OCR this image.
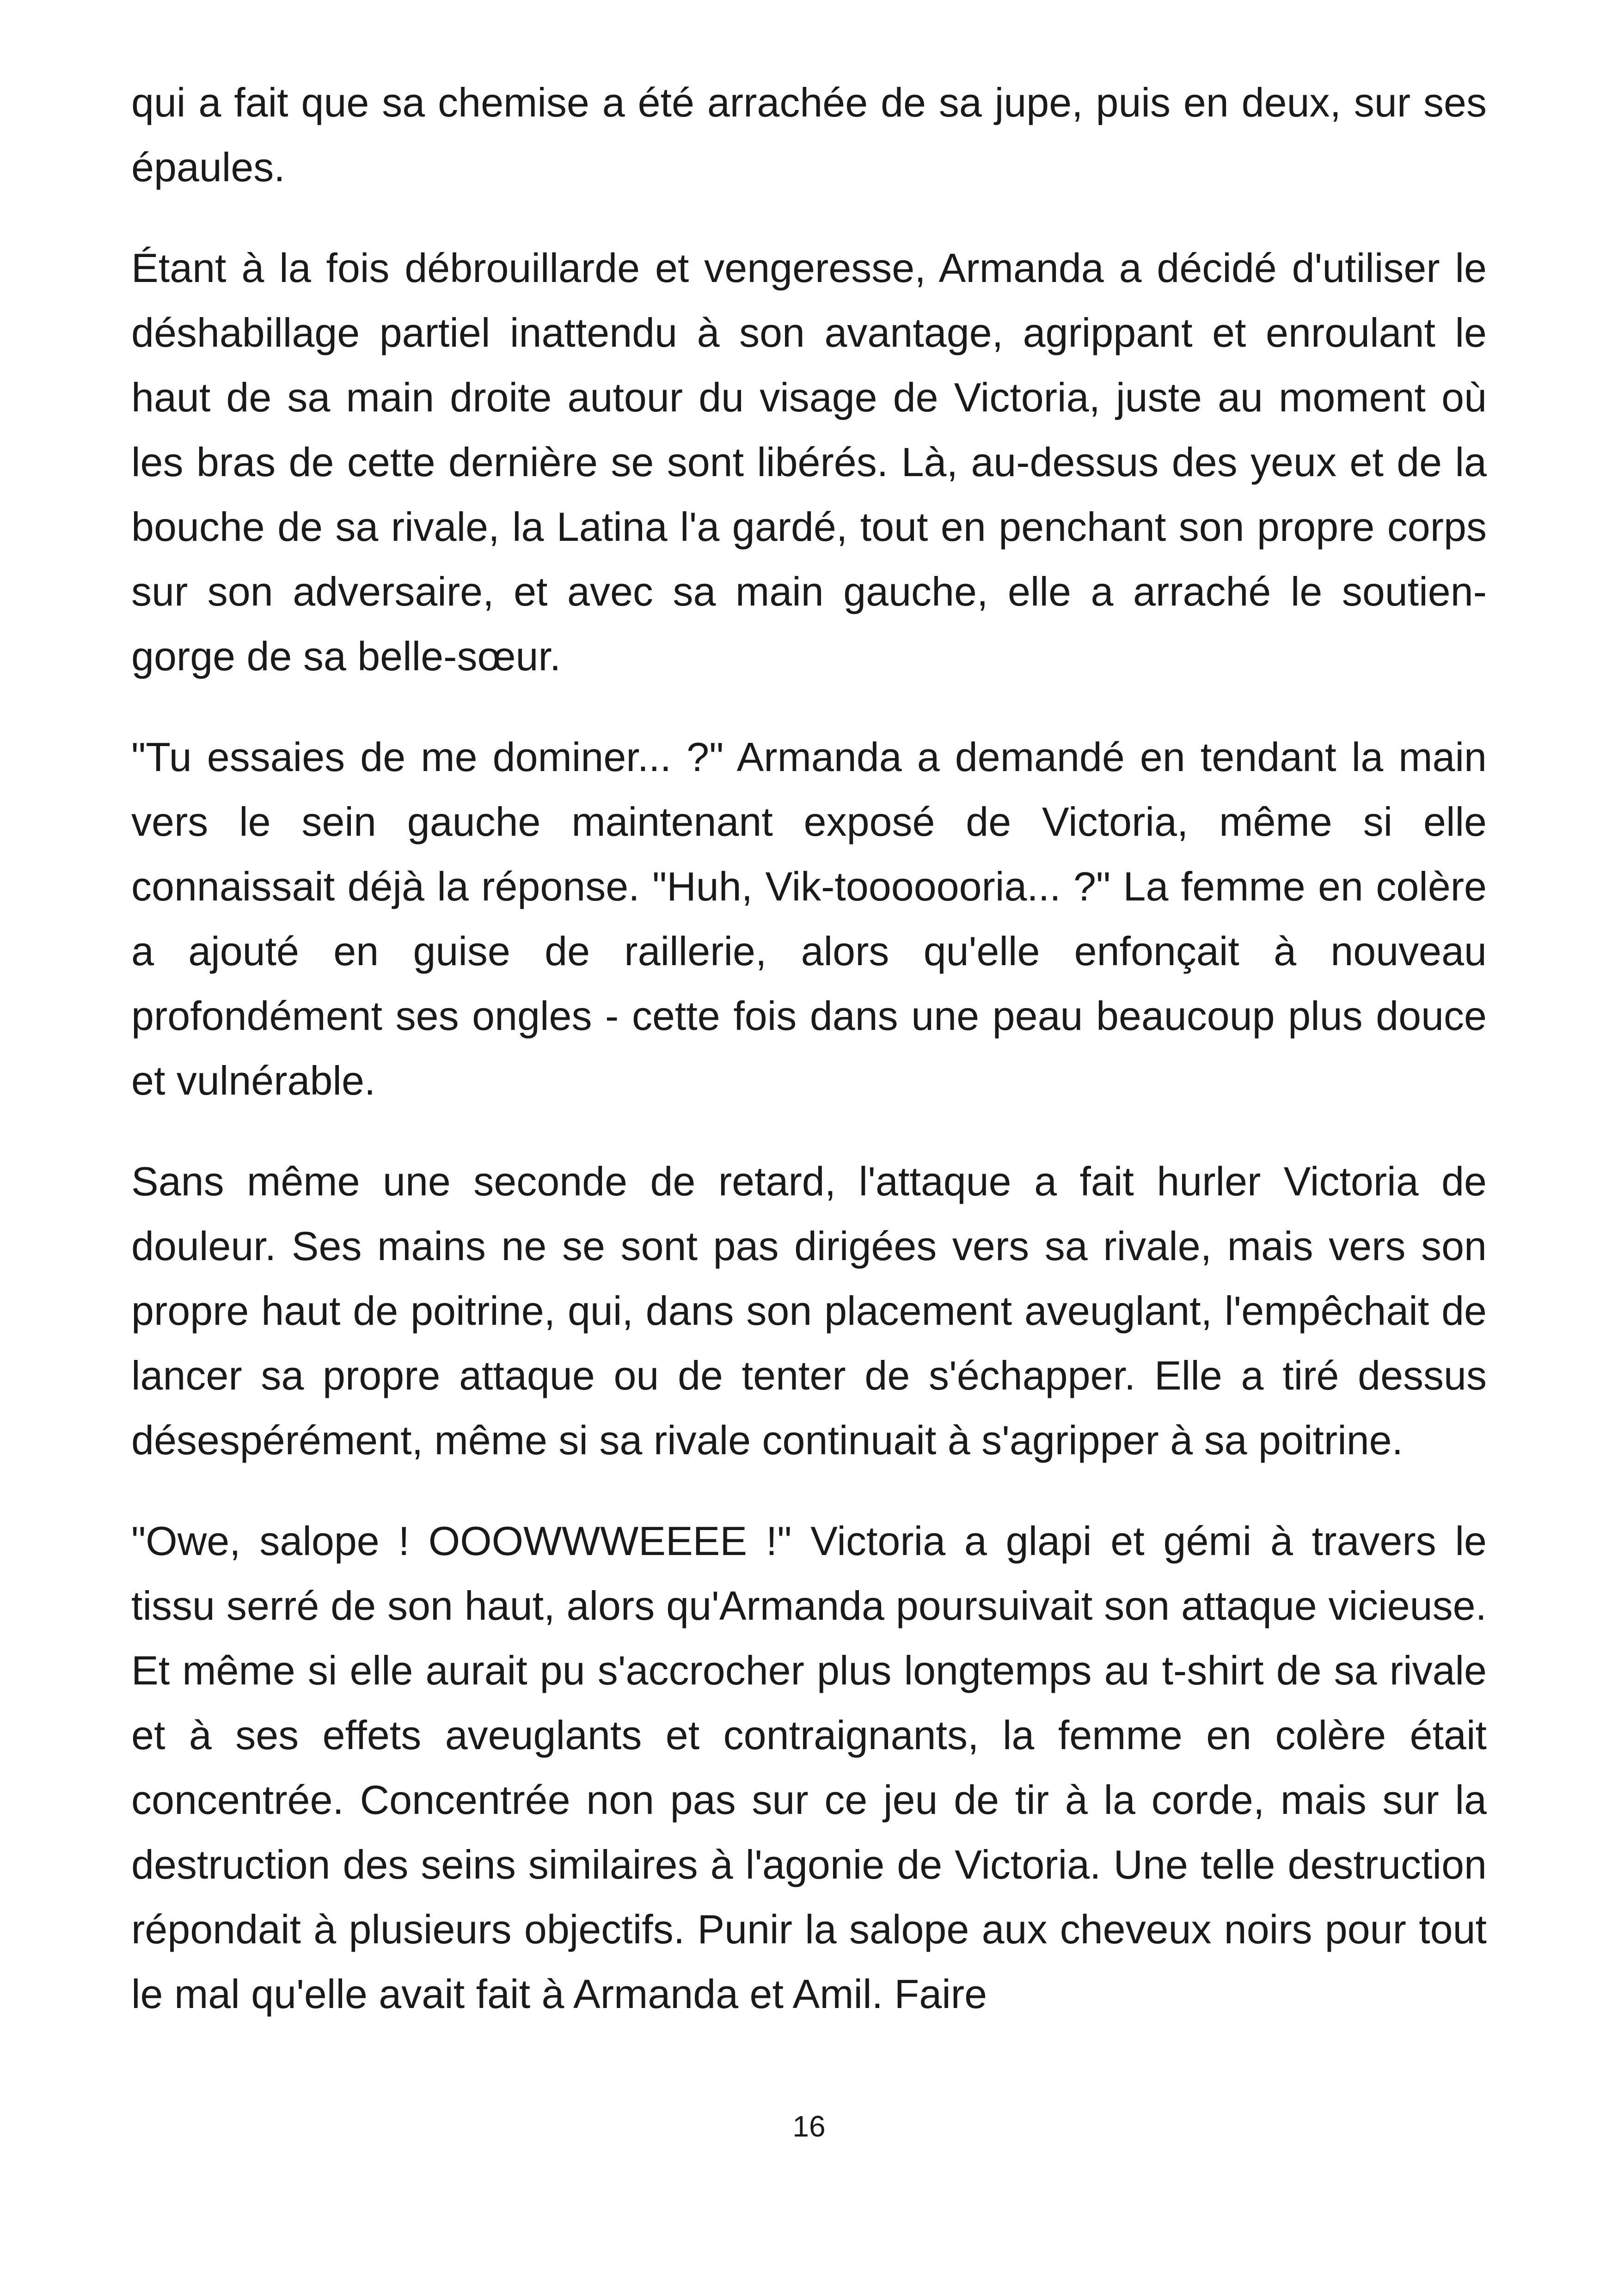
qui a fait que sa chemise a été arrachée de sa jupe, puis en deux, sur ses épaules.

Étant à la fois débrouillarde et vengeresse, Armanda a décidé d'utiliser le déshabillage partiel inattendu à son avantage, agrippant et enroulant le haut de sa main droite autour du visage de Victoria, juste au moment où les bras de cette dernière se sont libérés. Là, au-dessus des yeux et de la bouche de sa rivale, la Latina l'a gardé, tout en penchant son propre corps sur son adversaire, et avec sa main gauche, elle a arraché le soutien-gorge de sa belle-sœur.

"Tu essaies de me dominer... ?" Armanda a demandé en tendant la main vers le sein gauche maintenant exposé de Victoria, même si elle connaissait déjà la réponse. "Huh, Vik-tooooooria... ?" La femme en colère a ajouté en guise de raillerie, alors qu'elle enfonçait à nouveau profondément ses ongles - cette fois dans une peau beaucoup plus douce et vulnérable.

Sans même une seconde de retard, l'attaque a fait hurler Victoria de douleur. Ses mains ne se sont pas dirigées vers sa rivale, mais vers son propre haut de poitrine, qui, dans son placement aveuglant, l'empêchait de lancer sa propre attaque ou de tenter de s'échapper. Elle a tiré dessus désespérément, même si sa rivale continuait à s'agripper à sa poitrine.

"Owe, salope ! OOOWWWEEEE !" Victoria a glapi et gémi à travers le tissu serré de son haut, alors qu'Armanda poursuivait son attaque vicieuse. Et même si elle aurait pu s'accrocher plus longtemps au t-shirt de sa rivale et à ses effets aveuglants et contraignants, la femme en colère était concentrée. Concentrée non pas sur ce jeu de tir à la corde, mais sur la destruction des seins similaires à l'agonie de Victoria. Une telle destruction répondait à plusieurs objectifs. Punir la salope aux cheveux noirs pour tout le mal qu'elle avait fait à Armanda et Amil. Faire

16
